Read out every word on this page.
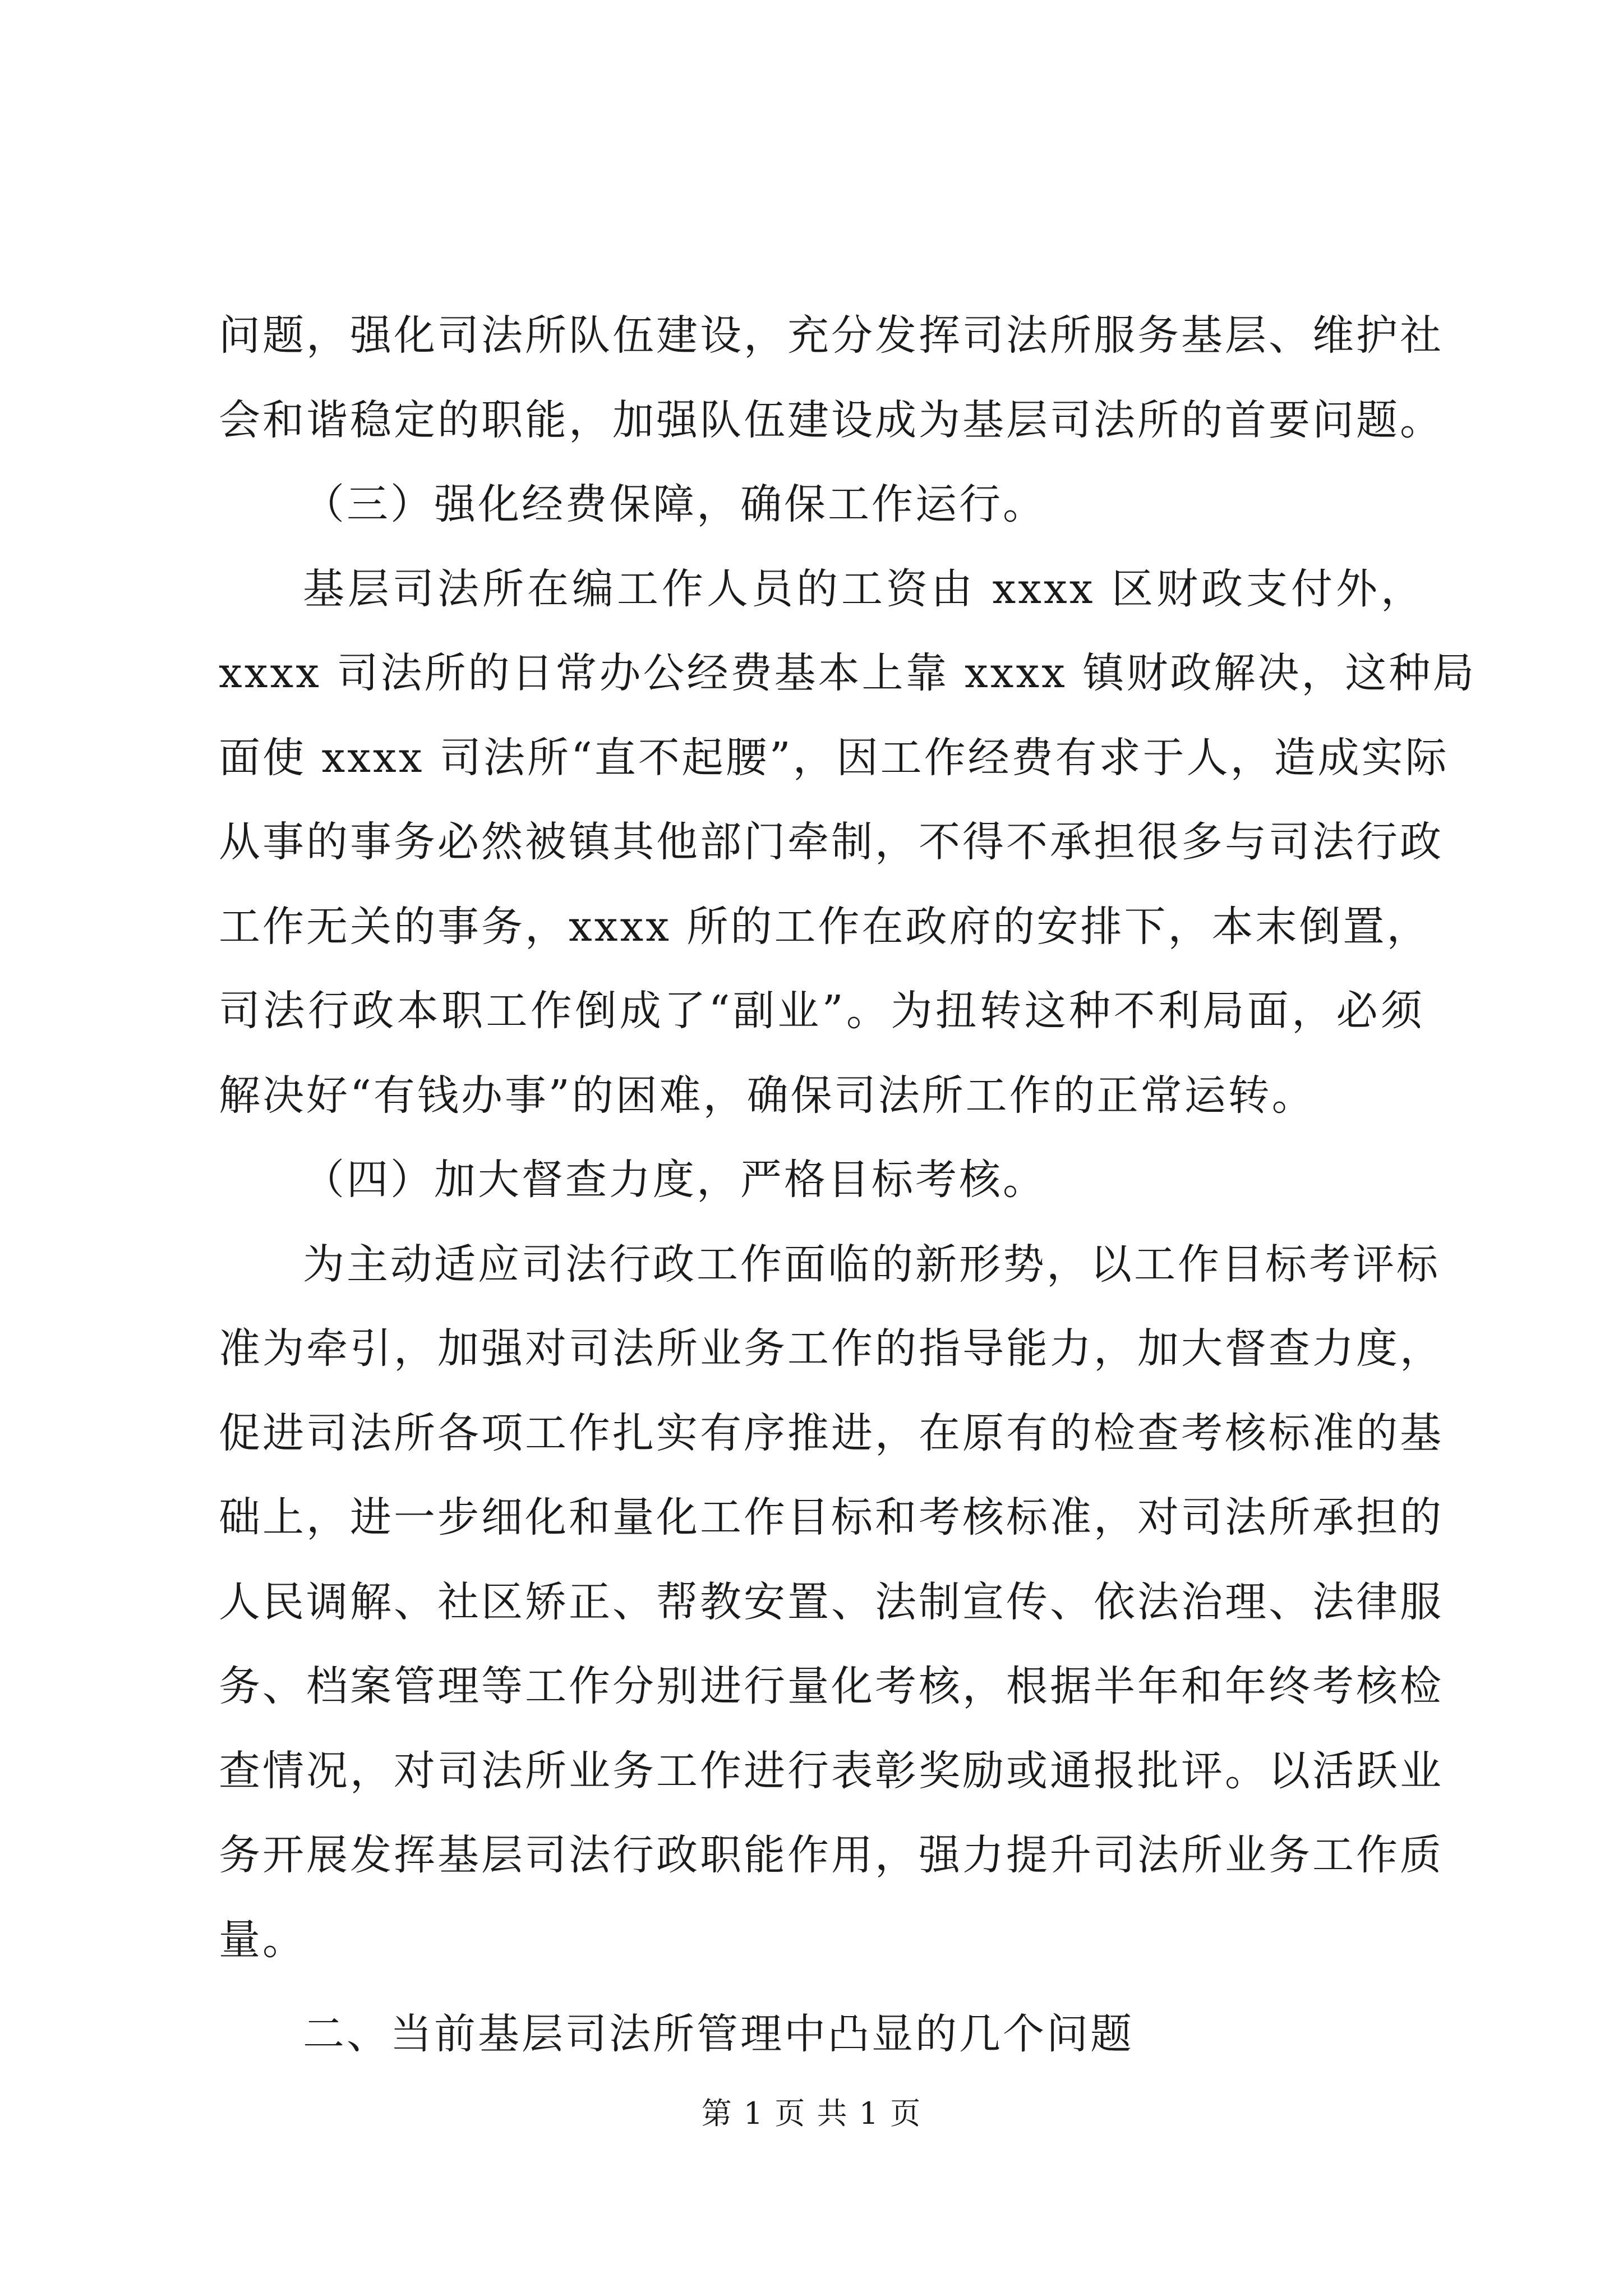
问题，强化司法所队伍建设，充分发挥司法所服务基层、维护社
会和谐稳定的职能，加强队伍建设成为基层司法所的首要问题。
（三）强化经费保障，确保工作运行。
基层司法所在编工作人员的工资由 xxxx 区财政支付外，
xxxx 司法所的日常办公经费基本上靠 xxxx 镇财政解决，这种局
面使 xxxx 司法所“直不起腰”，因工作经费有求于人，造成实际
从事的事务必然被镇其他部门牵制，不得不承担很多与司法行政
工作无关的事务，xxxx 所的工作在政府的安排下，本末倒置，
司法行政本职工作倒成了“副业”。为扭转这种不利局面，必须
解决好“有钱办事”的困难，确保司法所工作的正常运转。
（四）加大督查力度，严格目标考核。
为主动适应司法行政工作面临的新形势，以工作目标考评标
准为牵引，加强对司法所业务工作的指导能力，加大督查力度，
促进司法所各项工作扎实有序推进，在原有的检查考核标准的基
础上，进一步细化和量化工作目标和考核标准，对司法所承担的
人民调解、社区矫正、帮教安置、法制宣传、依法治理、法律服
务、档案管理等工作分别进行量化考核，根据半年和年终考核检
查情况，对司法所业务工作进行表彰奖励或通报批评。以活跃业
务开展发挥基层司法行政职能作用，强力提升司法所业务工作质
量。
二、当前基层司法所管理中凸显的几个问题
第 1 页 共 1 页
